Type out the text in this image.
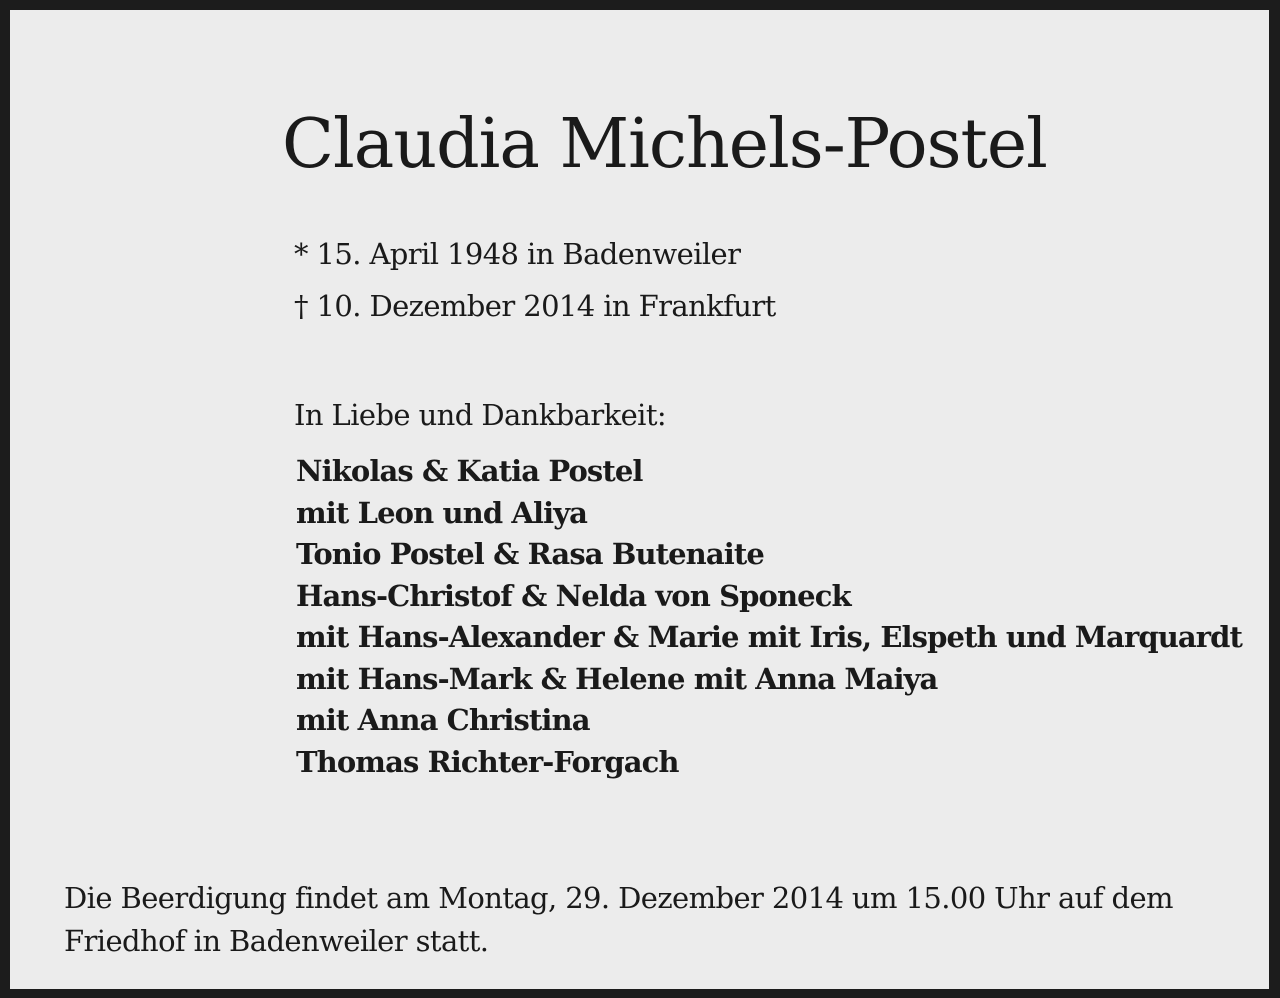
Claudia Michels-Postel
* 15. April 1948 in Badenweiler
† 10. Dezember 2014 in Frankfurt
In Liebe und Dankbarkeit:
Nikolas & Katia Postel
mit Leon und Aliya
Tonio Postel & Rasa Butenaite
Hans-Christof & Nelda von Sponeck
mit Hans-Alexander & Marie mit Iris, Elspeth und Marquardt
mit Hans-Mark & Helene mit Anna Maiya
mit Anna Christina
Thomas Richter-Forgach

Die Beerdigung findet am Montag, 29. Dezember 2014 um 15.00 Uhr auf dem Friedhof in Badenweiler statt.
